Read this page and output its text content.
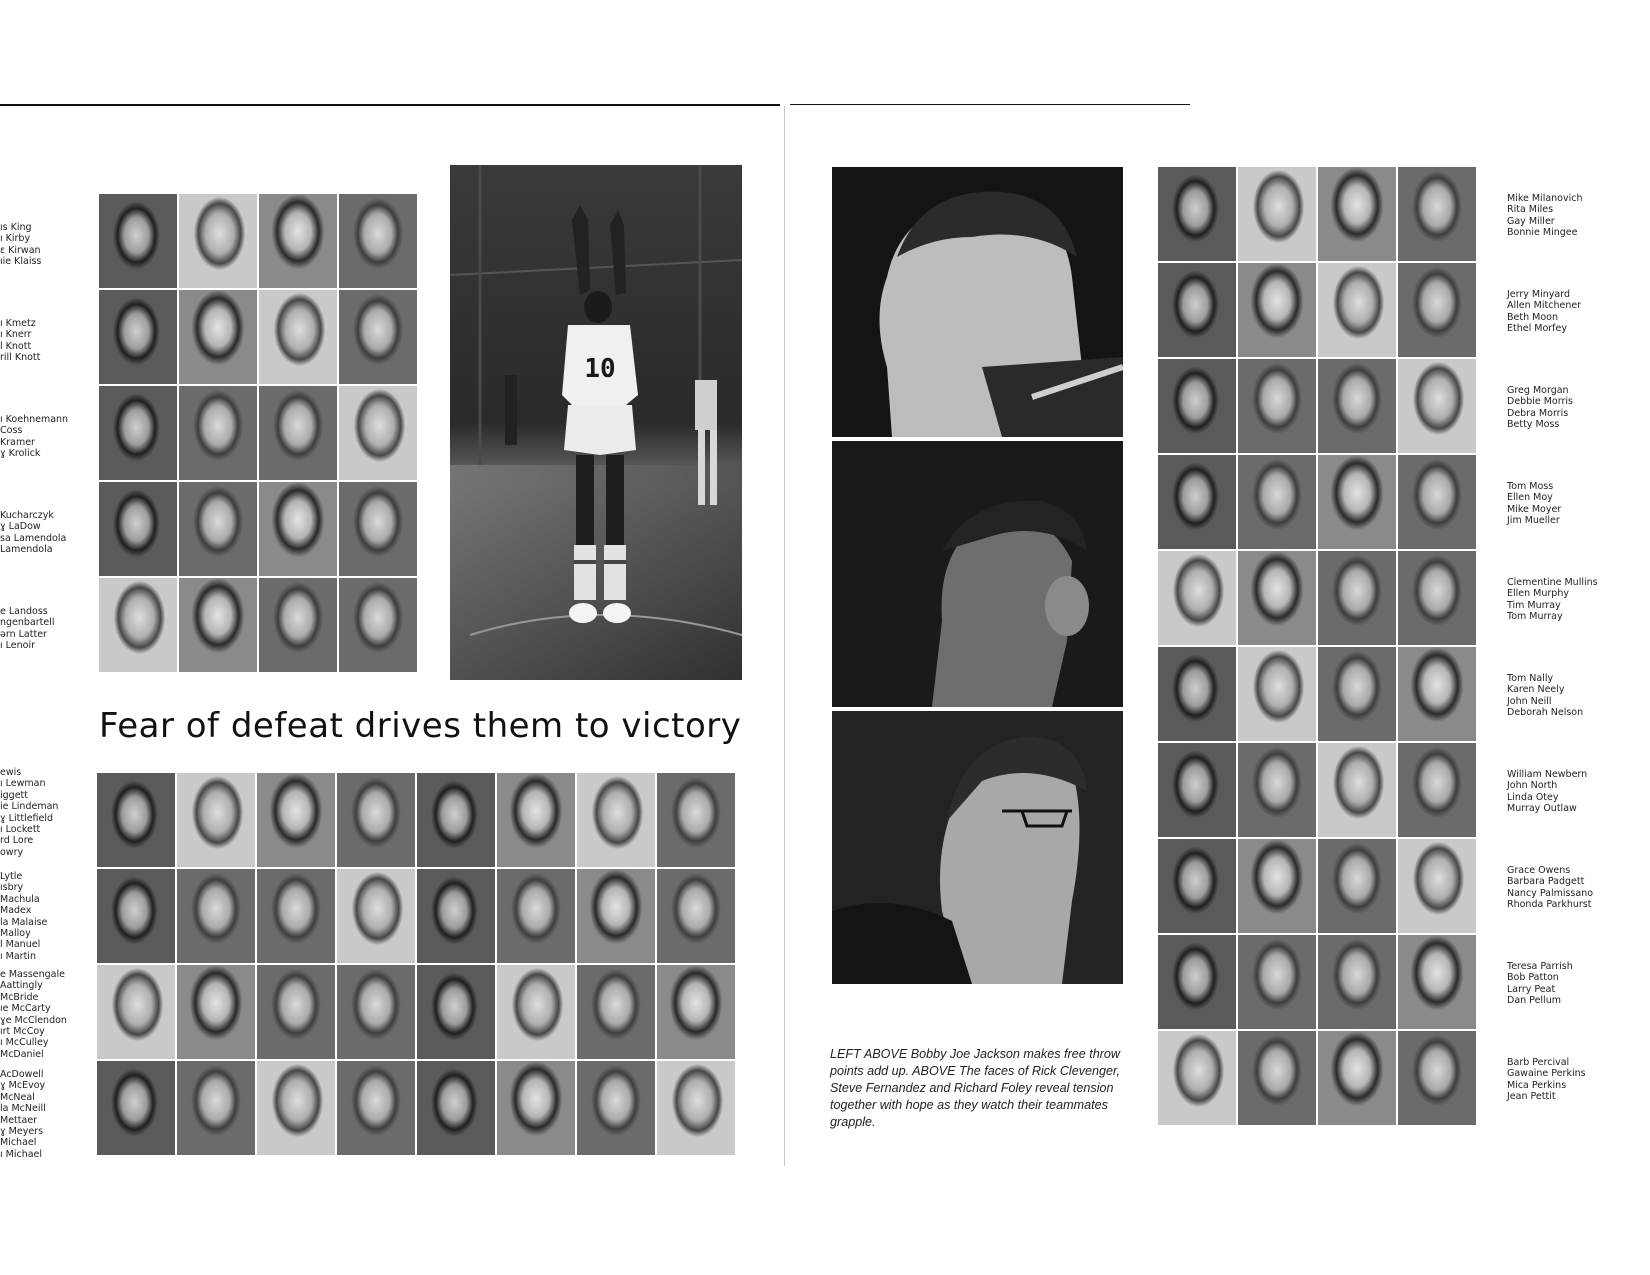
ıs King
ı Kirby
ɛ Kirwan
ıie Klaiss
ı Kmetz
ı Knerr
l Knott
rill Knott
ı Koehnemann
Coss
Kramer
ɣ Krolick
Kucharczyk
ɣ LaDow
sa Lamendola
Lamendola
e Landoss
ngenbartell
ərn Latter
ı Lenoir
10
Fear of defeat drives them to victory
ewis
ı Lewman
iggett
ie Lindeman
ɣ Littlefield
ı Lockett
rd Lore
owry
Lytle
ısbry
Machula
Madex
la Malaise
Malloy
l Manuel
ı Martin
e Massengale
Aattingly
McBride
ıe McCarty
ɣe McClendon
ırt McCoy
ı McCulley
McDaniel
AcDowell
ɣ McEvoy
McNeal
la McNeill
Mettaer
ɣ Meyers
Michael
ı Michael
LEFT ABOVE Bobby Joe Jackson makes free throw points add up. ABOVE The faces of Rick Clevenger, Steve Fernandez and Richard Foley reveal tension together with hope as they watch their teammates grapple.
Mike Milanovich
Rita Miles
Gay Miller
Bonnie Mingee
Jerry Minyard
Allen Mitchener
Beth Moon
Ethel Morfey
Greg Morgan
Debbie Morris
Debra Morris
Betty Moss
Tom Moss
Ellen Moy
Mike Moyer
Jim Mueller
Clementine Mullins
Ellen Murphy
Tim Murray
Tom Murray
Tom Nally
Karen Neely
John Neill
Deborah Nelson
William Newbern
John North
Linda Otey
Murray Outlaw
Grace Owens
Barbara Padgett
Nancy Palmissano
Rhonda Parkhurst
Teresa Parrish
Bob Patton
Larry Peat
Dan Pellum
Barb Percival
Gawaine Perkins
Mica Perkins
Jean Pettit
